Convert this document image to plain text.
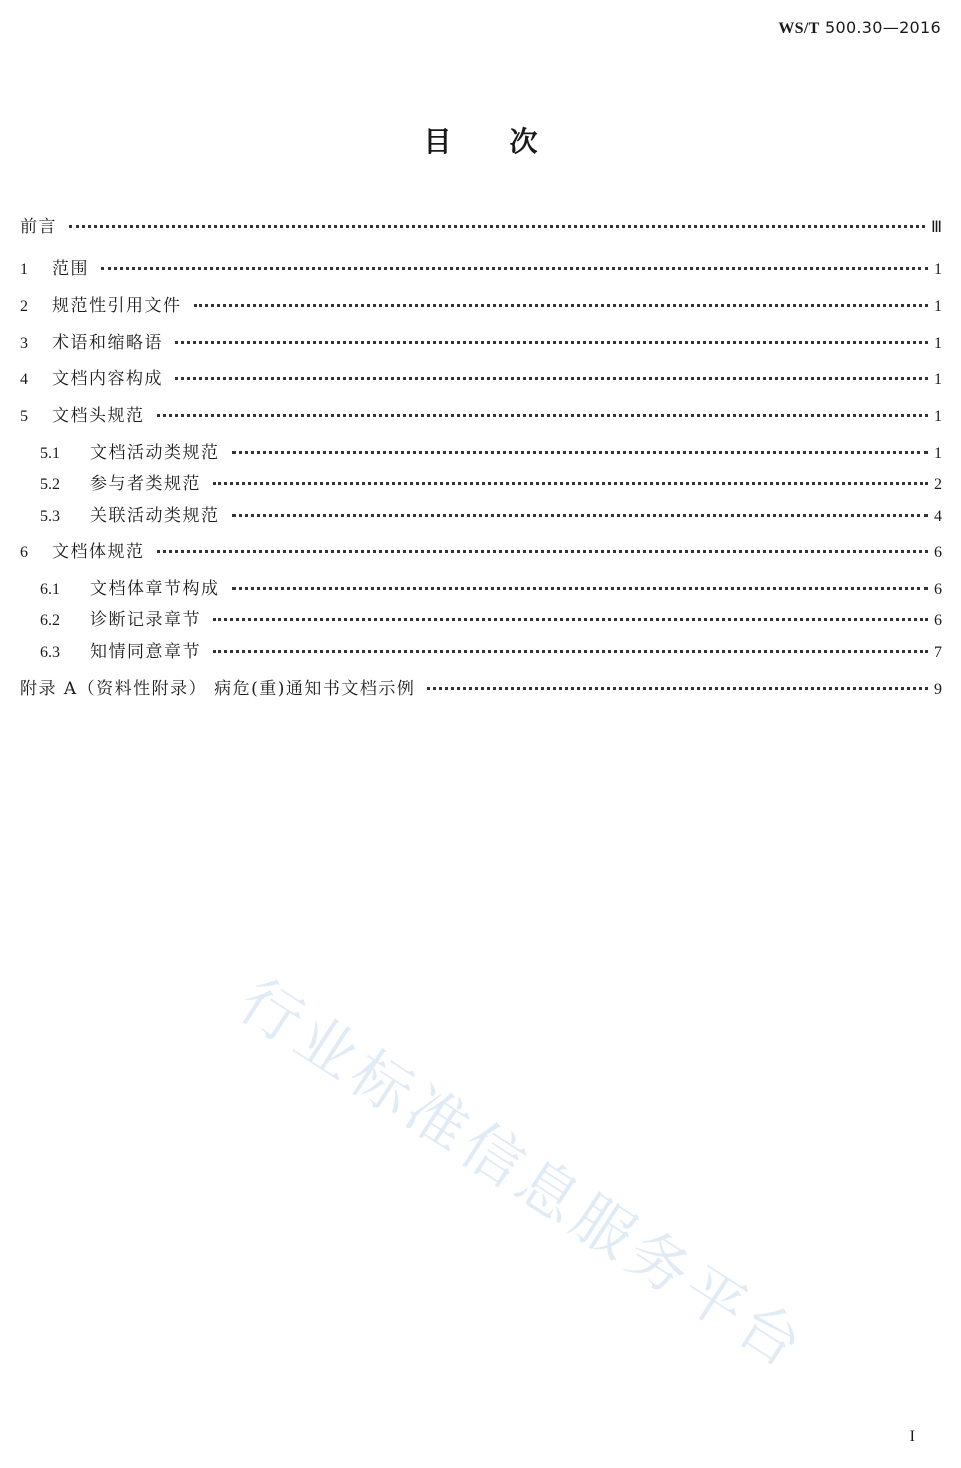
WS/T 500.30—2016
目 次
前言	Ⅲ
1	范围	1
2	规范性引用文件	1
3	术语和缩略语	1
4	文档内容构成	1
5	文档头规范	1
5.1	文档活动类规范	1
5.2	参与者类规范	2
5.3	关联活动类规范	4
6	文档体规范	6
6.1	文档体章节构成	6
6.2	诊断记录章节	6
6.3	知情同意章节	7
附录 A（资料性附录） 病危(重)通知书文档示例	9
行业标准信息服务平台
I
